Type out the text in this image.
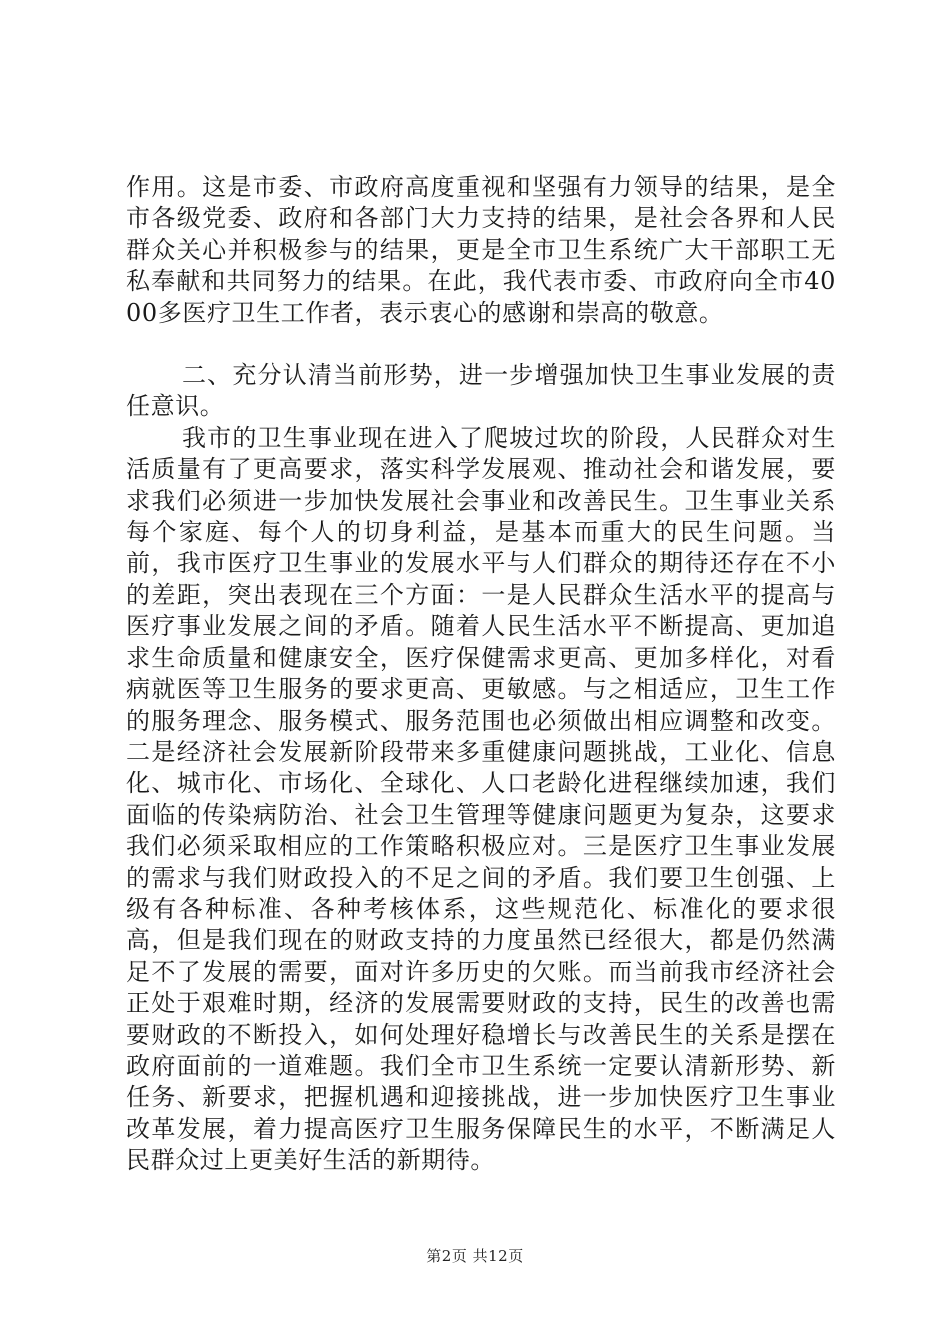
作用。这是市委、市政府高度重视和坚强有力领导的结果，是全市各级党委、政府和各部门大力支持的结果，是社会各界和人民群众关心并积极参与的结果，更是全市卫生系统广大干部职工无私奉献和共同努力的结果。在此，我代表市委、市政府向全市4000多医疗卫生工作者，表示衷心的感谢和崇高的敬意。

二、充分认清当前形势，进一步增强加快卫生事业发展的责任意识。

我市的卫生事业现在进入了爬坡过坎的阶段，人民群众对生活质量有了更高要求，落实科学发展观、推动社会和谐发展，要求我们必须进一步加快发展社会事业和改善民生。卫生事业关系每个家庭、每个人的切身利益，是基本而重大的民生问题。当前，我市医疗卫生事业的发展水平与人们群众的期待还存在不小的差距，突出表现在三个方面：一是人民群众生活水平的提高与医疗事业发展之间的矛盾。随着人民生活水平不断提高、更加追求生命质量和健康安全，医疗保健需求更高、更加多样化，对看病就医等卫生服务的要求更高、更敏感。与之相适应，卫生工作的服务理念、服务模式、服务范围也必须做出相应调整和改变。二是经济社会发展新阶段带来多重健康问题挑战，工业化、信息化、城市化、市场化、全球化、人口老龄化进程继续加速，我们面临的传染病防治、社会卫生管理等健康问题更为复杂，这要求我们必须采取相应的工作策略积极应对。三是医疗卫生事业发展的需求与我们财政投入的不足之间的矛盾。我们要卫生创强、上级有各种标准、各种考核体系，这些规范化、标准化的要求很高，但是我们现在的财政支持的力度虽然已经很大，都是仍然满足不了发展的需要，面对许多历史的欠账。而当前我市经济社会正处于艰难时期，经济的发展需要财政的支持，民生的改善也需要财政的不断投入，如何处理好稳增长与改善民生的关系是摆在政府面前的一道难题。我们全市卫生系统一定要认清新形势、新任务、新要求，把握机遇和迎接挑战，进一步加快医疗卫生事业改革发展，着力提高医疗卫生服务保障民生的水平，不断满足人民群众过上更美好生活的新期待。

第2页 共12页
